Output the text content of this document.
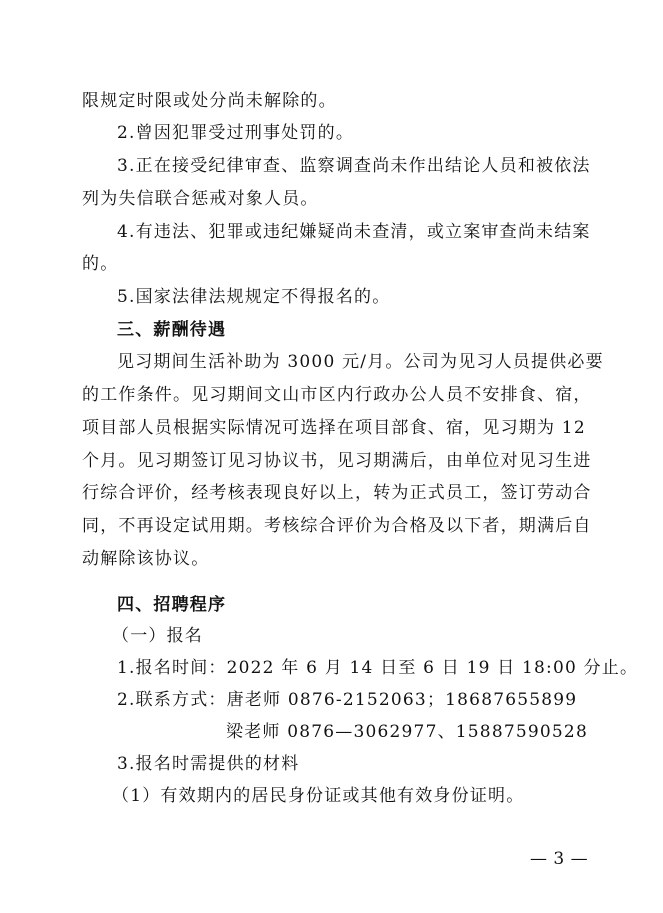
限规定时限或处分尚未解除的。
2.曾因犯罪受过刑事处罚的。
3.正在接受纪律审查、监察调查尚未作出结论人员和被依法
列为失信联合惩戒对象人员。
4.有违法、犯罪或违纪嫌疑尚未查清，或立案审查尚未结案
的。
5.国家法律法规规定不得报名的。
三、薪酬待遇
见习期间生活补助为 3000 元/月。公司为见习人员提供必要
的工作条件。见习期间文山市区内行政办公人员不安排食、宿，
项目部人员根据实际情况可选择在项目部食、宿，见习期为 12
个月。见习期签订见习协议书，见习期满后，由单位对见习生进
行综合评价，经考核表现良好以上，转为正式员工，签订劳动合
同，不再设定试用期。考核综合评价为合格及以下者，期满后自
动解除该协议。
四、招聘程序
（一）报名
1.报名时间：2022 年 6 月 14 日至 6 日 19 日 18:00 分止。
2.联系方式：唐老师 0876-2152063；18687655899
梁老师 0876—3062977、15887590528
3.报名时需提供的材料
（1）有效期内的居民身份证或其他有效身份证明。
— 3 —
